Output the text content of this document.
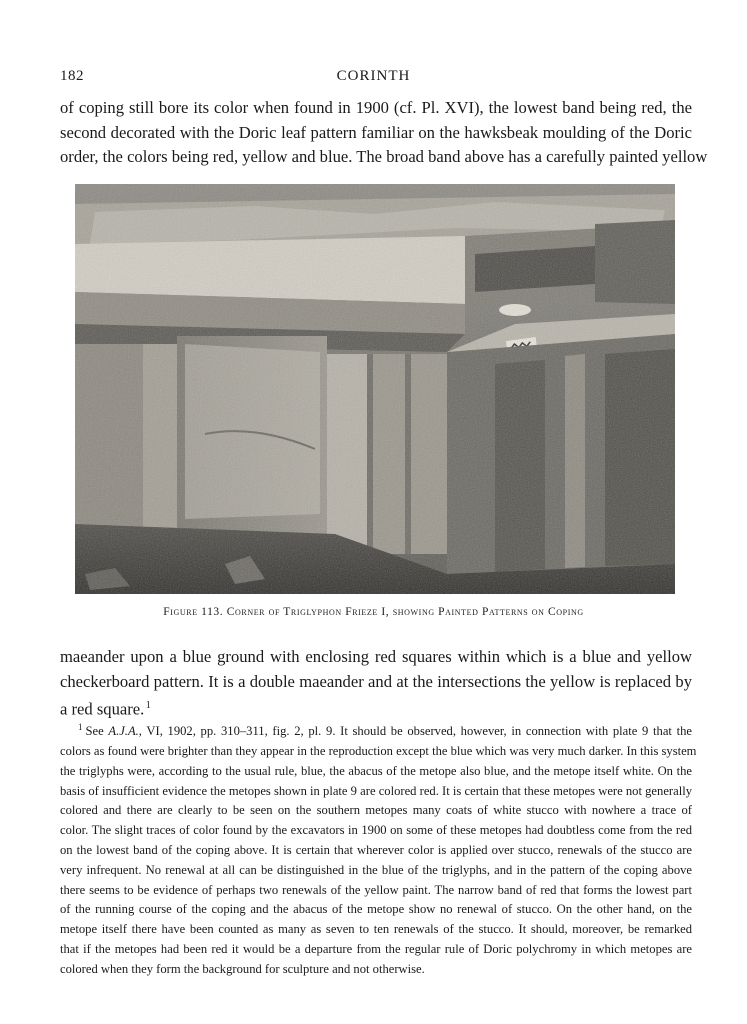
182	CORINTH
of coping still bore its color when found in 1900 (cf. Pl. XVI), the lowest band being red, the
second decorated with the Doric leaf pattern familiar on the hawksbeak moulding of the Doric
order, the colors being red, yellow and blue. The broad band above has a carefully painted yellow
Figure 113. Corner of Triglyphon Frieze I, showing Painted Patterns on Coping
maeander upon a blue ground with enclosing red squares within which is a blue and yellow
checkerboard pattern. It is a double maeander and at the intersections the yellow is replaced by
a red square. $^1$
$^1$ See A.J.A., VI, 1902, pp. 310–311, fig. 2, pl. 9. It should be observed, however, in connection with plate 9 that the
colors as found were brighter than they appear in the reproduction except the blue which was very much darker. In this system
the triglyphs were, according to the usual rule, blue, the abacus of the metope also blue, and the metope itself white. On the
basis of insufficient evidence the metopes shown in plate 9 are colored red. It is certain that these metopes were not generally
colored and there are clearly to be seen on the southern metopes many coats of white stucco with nowhere a trace of
color. The slight traces of color found by the excavators in 1900 on some of these metopes had doubtless come from the red
on the lowest band of the coping above. It is certain that wherever color is applied over stucco, renewals of the stucco are
very infrequent. No renewal at all can be distinguished in the blue of the triglyphs, and in the pattern of the coping above
there seems to be evidence of perhaps two renewals of the yellow paint. The narrow band of red that forms the lowest part
of the running course of the coping and the abacus of the metope show no renewal of stucco. On the other hand, on the
metope itself there have been counted as many as seven to ten renewals of the stucco. It should, moreover, be remarked
that if the metopes had been red it would be a departure from the regular rule of Doric polychromy in which metopes are
colored when they form the background for sculpture and not otherwise.
